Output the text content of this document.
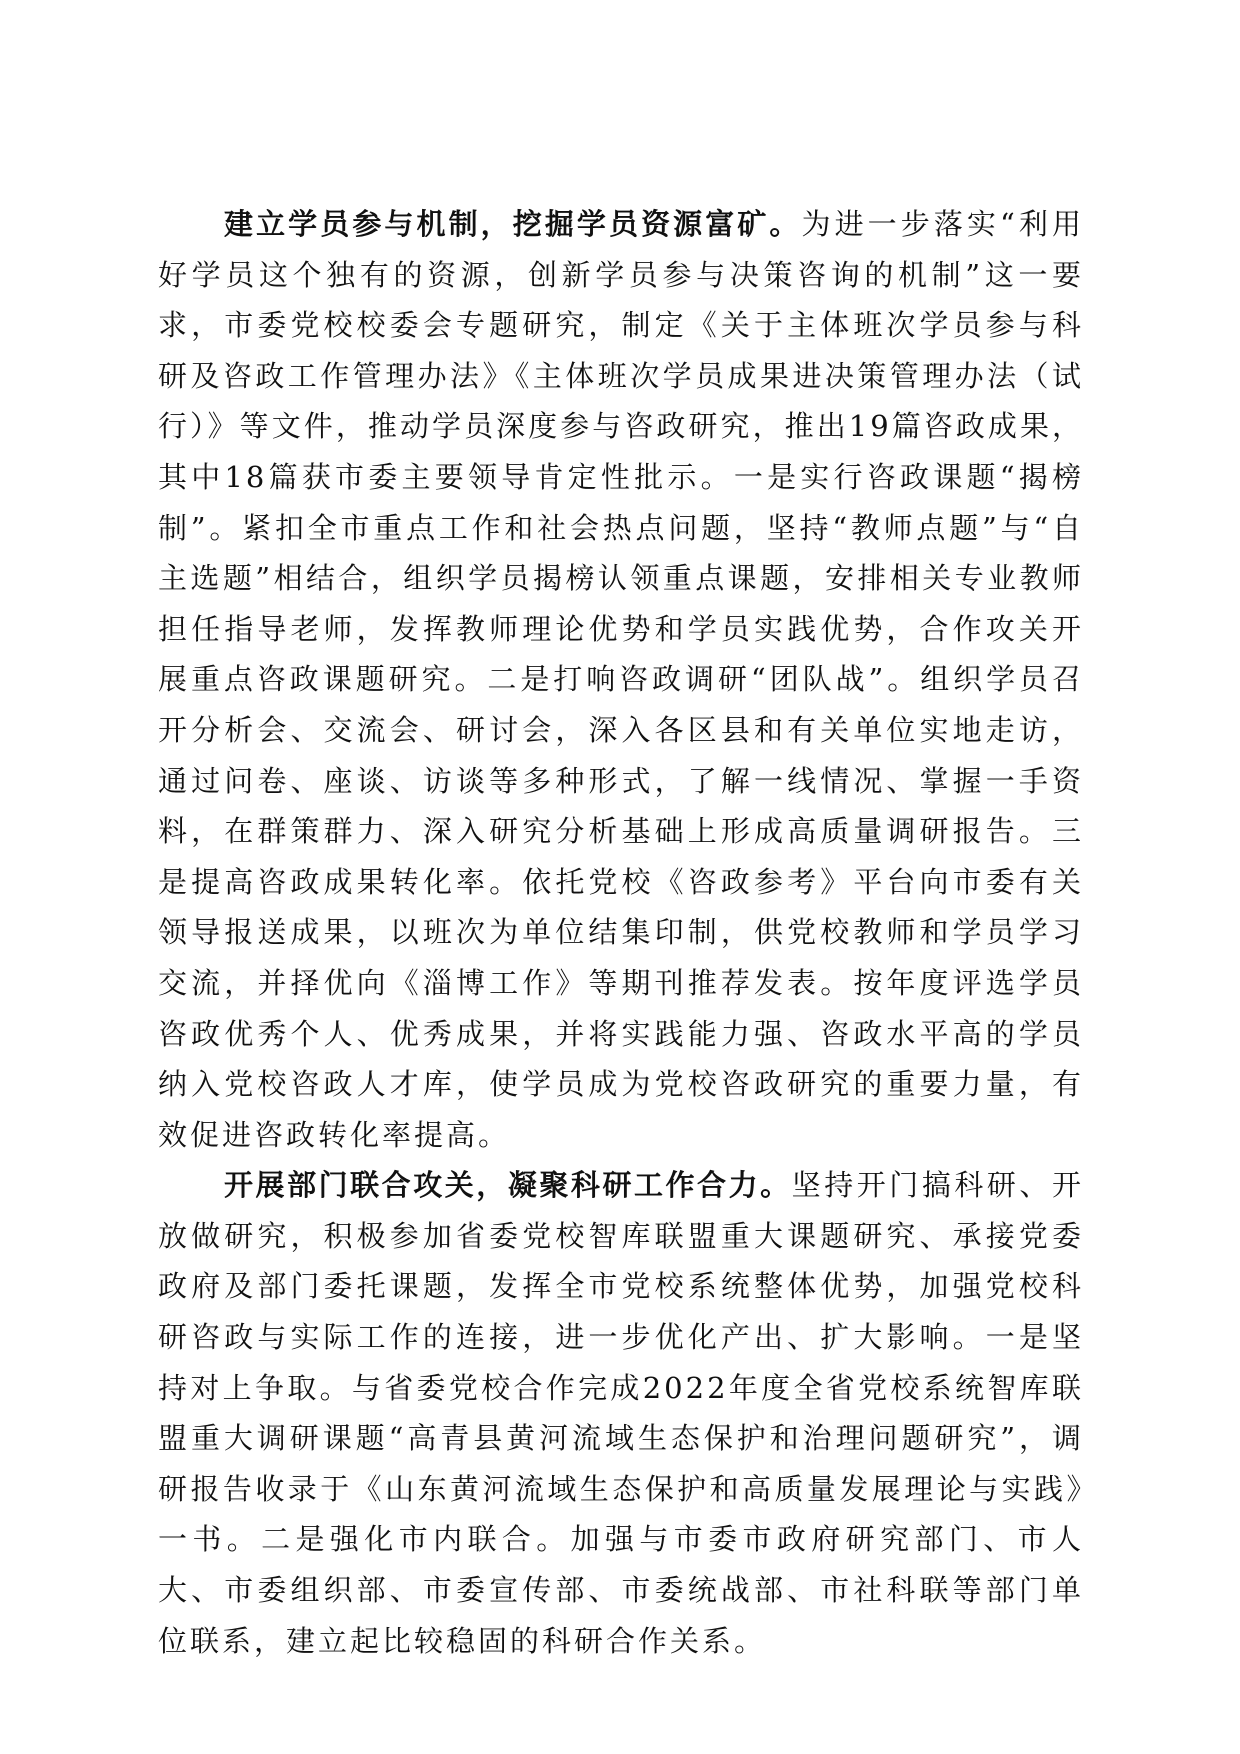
建立学员参与机制，挖掘学员资源富矿。为进一步落实“利用好学员这个独有的资源，创新学员参与决策咨询的机制”这一要求，市委党校校委会专题研究，制定《关于主体班次学员参与科研及咨政工作管理办法》《主体班次学员成果进决策管理办法（试行）》等文件，推动学员深度参与咨政研究，推出19篇咨政成果，其中18篇获市委主要领导肯定性批示。一是实行咨政课题“揭榜制”。紧扣全市重点工作和社会热点问题，坚持“教师点题”与“自主选题”相结合，组织学员揭榜认领重点课题，安排相关专业教师担任指导老师，发挥教师理论优势和学员实践优势，合作攻关开展重点咨政课题研究。二是打响咨政调研“团队战”。组织学员召开分析会、交流会、研讨会，深入各区县和有关单位实地走访，通过问卷、座谈、访谈等多种形式，了解一线情况、掌握一手资料，在群策群力、深入研究分析基础上形成高质量调研报告。三是提高咨政成果转化率。依托党校《咨政参考》平台向市委有关领导报送成果，以班次为单位结集印制，供党校教师和学员学习交流，并择优向《淄博工作》等期刊推荐发表。按年度评选学员咨政优秀个人、优秀成果，并将实践能力强、咨政水平高的学员纳入党校咨政人才库，使学员成为党校咨政研究的重要力量，有效促进咨政转化率提高。

开展部门联合攻关，凝聚科研工作合力。坚持开门搞科研、开放做研究，积极参加省委党校智库联盟重大课题研究、承接党委政府及部门委托课题，发挥全市党校系统整体优势，加强党校科研咨政与实际工作的连接，进一步优化产出、扩大影响。一是坚持对上争取。与省委党校合作完成2022年度全省党校系统智库联盟重大调研课题“高青县黄河流域生态保护和治理问题研究”，调研报告收录于《山东黄河流域生态保护和高质量发展理论与实践》一书。二是强化市内联合。加强与市委市政府研究部门、市人大、市委组织部、市委宣传部、市委统战部、市社科联等部门单位联系，建立起比较稳固的科研合作关系。
